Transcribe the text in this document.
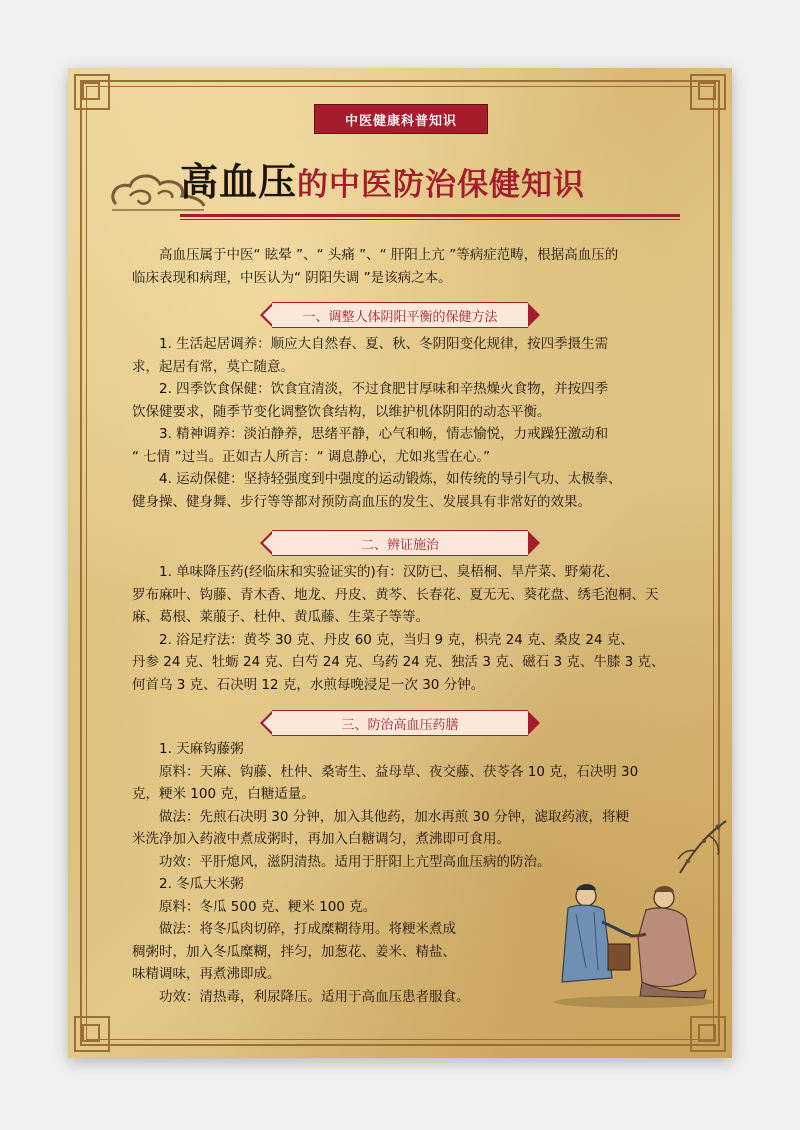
中医健康科普知识
高血压 的中医防治保健知识
高血压属于中医“ 眩晕 ”、“ 头痛 ”、“ 肝阳上亢 ”等病症范畴，根据高血压的
临床表现和病理，中医认为“ 阴阳失调 ”是该病之本。
一、调整人体阴阳平衡的保健方法
1. 生活起居调养：顺应大自然春、夏、秋、冬阴阳变化规律，按四季摄生需
求，起居有常，莫亡随意。
2. 四季饮食保健：饮食宜清淡，不过食肥甘厚味和辛热燥火食物，并按四季
饮保健要求，随季节变化调整饮食结构，以维护机体阴阳的动态平衡。
3. 精神调养：淡泊静养，思绪平静，心气和畅，情志愉悦，力戒躁狂激动和
“ 七情 ”过当。正如古人所言：“ 调息静心，尤如兆雪在心。”
4. 运动保健：坚持轻强度到中强度的运动锻炼，如传统的导引气功、太极拳、
健身操、健身舞、步行等等都对预防高血压的发生、发展具有非常好的效果。
二、辨证施治
1. 单味降压药(经临床和实验证实的)有：汉防已、臭梧桐、旱芹菜、野菊花、
罗布麻叶、钩藤、青木香、地龙、丹皮、黄芩、长春花、夏无无、葵花盘、绣毛泡桐、天
麻、葛根、莱菔子、杜仲、黄瓜藤、生菜子等等。
2. 浴足疗法：黄芩 30 克、丹皮 60 克，当归 9 克，枳壳 24 克、桑皮 24 克、
丹参 24 克、牡蛎 24 克、白芍 24 克、乌药 24 克、独活 3 克、磁石 3 克、牛膝 3 克、
何首乌 3 克、石决明 12 克，水煎每晚浸足一次 30 分钟。
三、防治高血压药膳
1. 天麻钩藤粥
原料：天麻、钩藤、杜仲、桑寄生、益母草、夜交藤、茯苓各 10 克，石决明 30
克，粳米 100 克，白糖适量。
做法：先煎石决明 30 分钟，加入其他药，加水再煎 30 分钟，滤取药液，将粳
米洗净加入药液中煮成粥时，再加入白糖调匀，煮沸即可食用。
功效：平肝熄风，滋阴清热。适用于肝阳上亢型高血压病的防治。
2. 冬瓜大米粥
原料：冬瓜 500 克、粳米 100 克。
做法：将冬瓜肉切碎，打成糜糊待用。将粳米煮成
稠粥时，加入冬瓜糜糊，拌匀，加葱花、姜米、精盐、
味精调味，再煮沸即成。
功效：清热毒，利尿降压。适用于高血压患者服食。
